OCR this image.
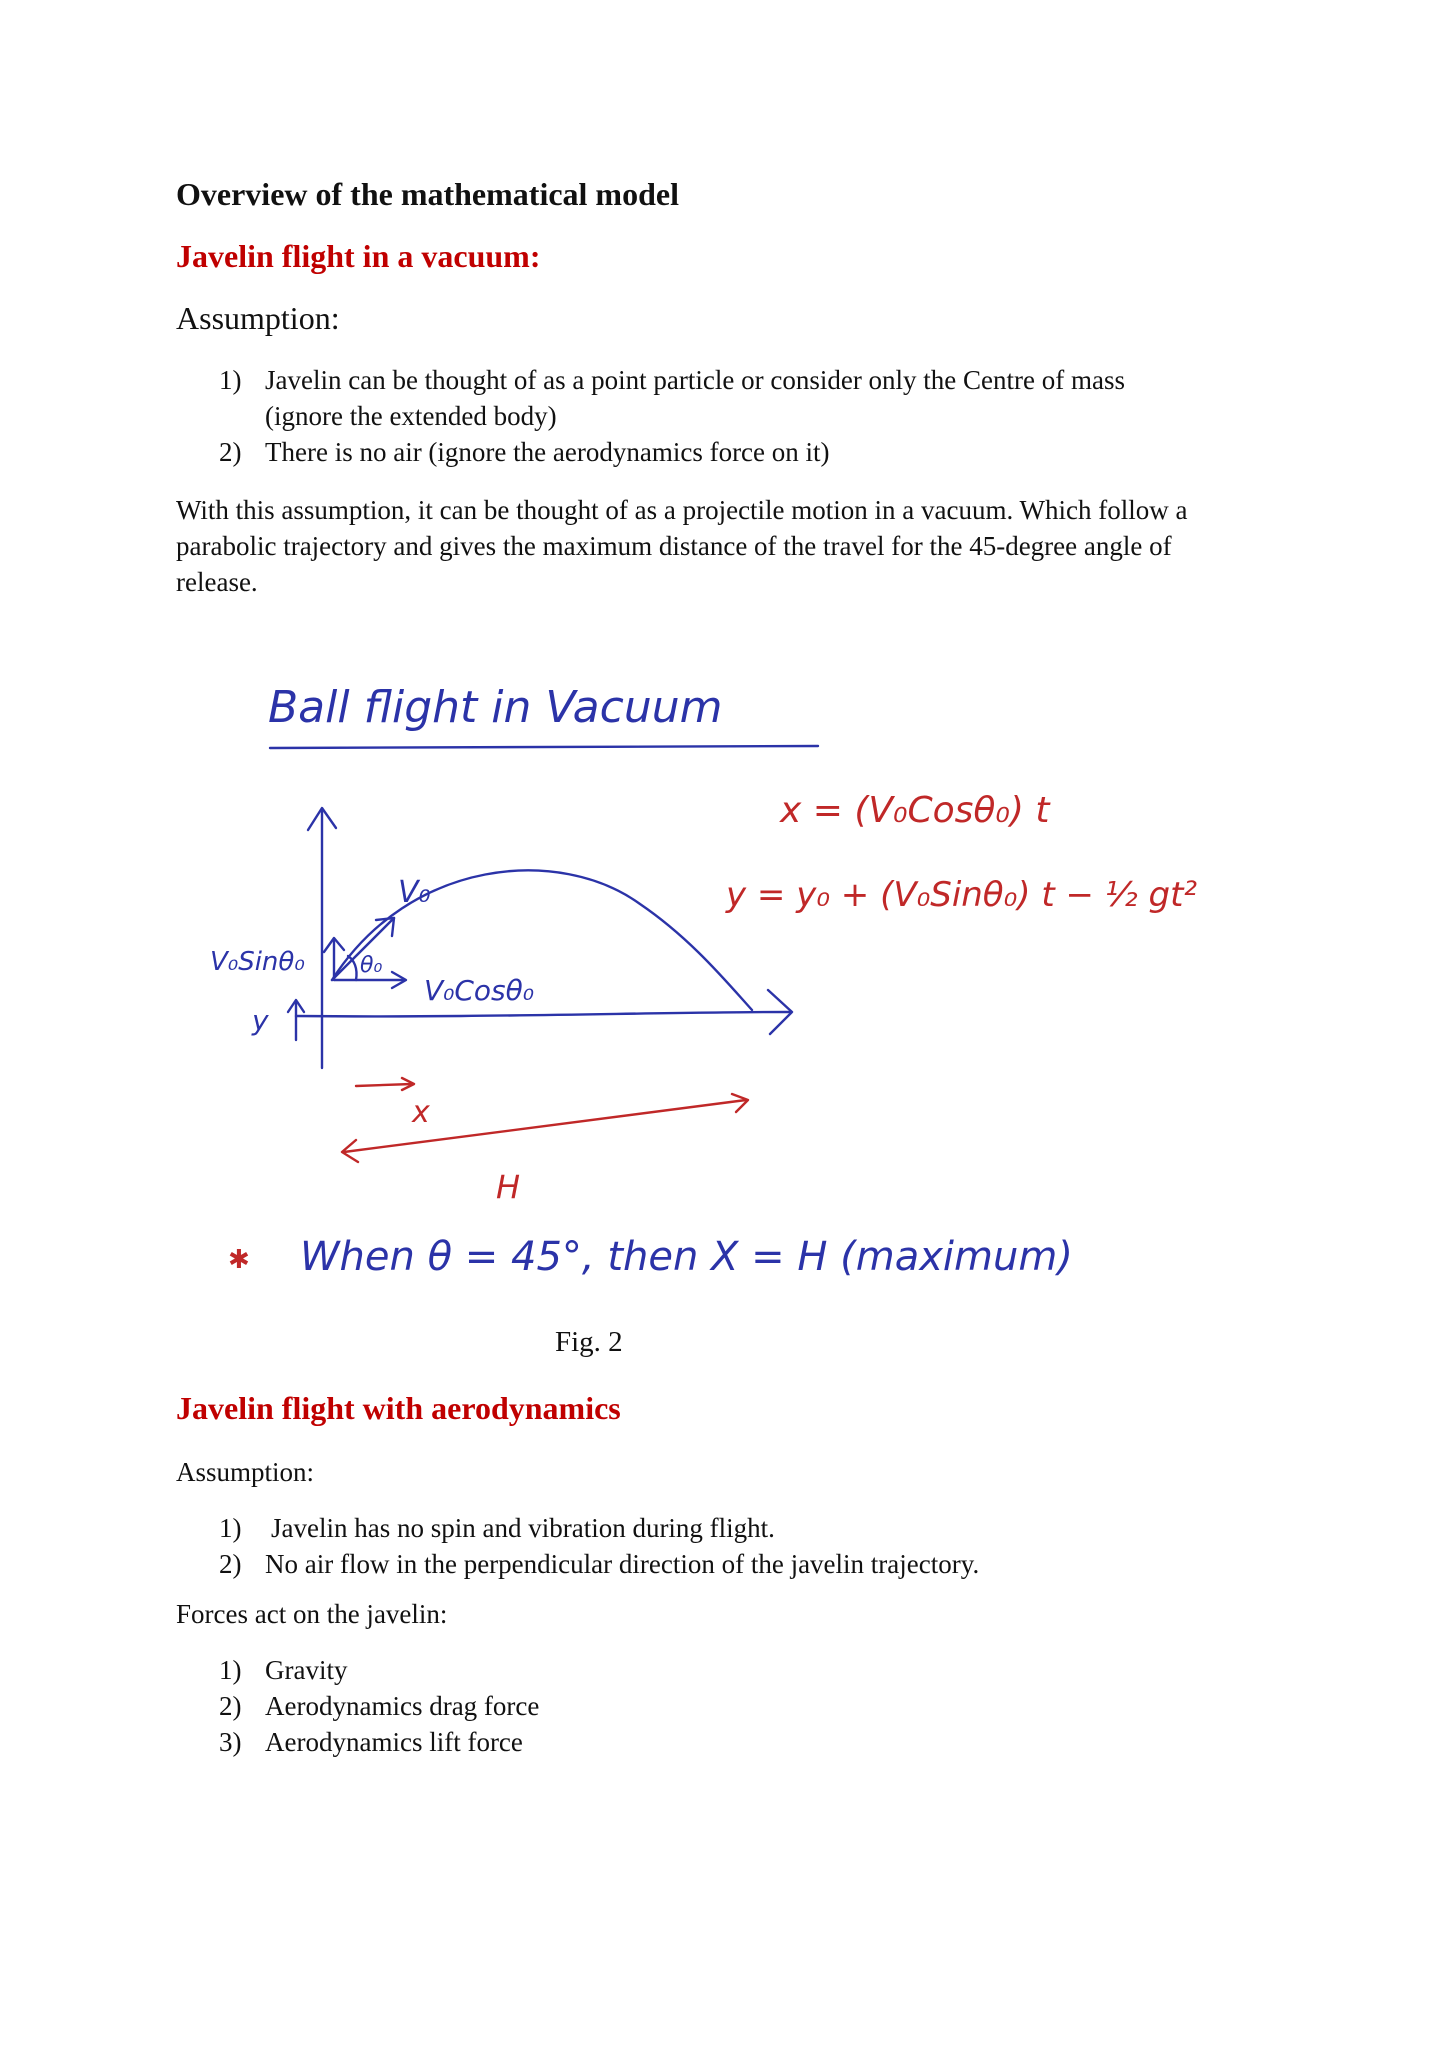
Overview of the mathematical model
Javelin flight in a vacuum:
Assumption:
1) Javelin can be thought of as a point particle or consider only the Centre of mass
(ignore the extended body)
2) There is no air (ignore the aerodynamics force on it)
With this assumption, it can be thought of as a projectile motion in a vacuum. Which follow a
parabolic trajectory and gives the maximum distance of the travel for the 45-degree angle of
release.
Ball flight in Vacuum
V₀
V₀Sinθ₀
V₀Cosθ₀
θ₀
y
x
H
x = (V₀Cosθ₀) t
y = y₀ + (V₀Sinθ₀) t − ½ gt²
✱ When θ = 45°, then X = H (maximum)
Fig. 2
Javelin flight with aerodynamics
Assumption:
1) Javelin has no spin and vibration during flight.
2) No air flow in the perpendicular direction of the javelin trajectory.
Forces act on the javelin:
1) Gravity
2) Aerodynamics drag force
3) Aerodynamics lift force
